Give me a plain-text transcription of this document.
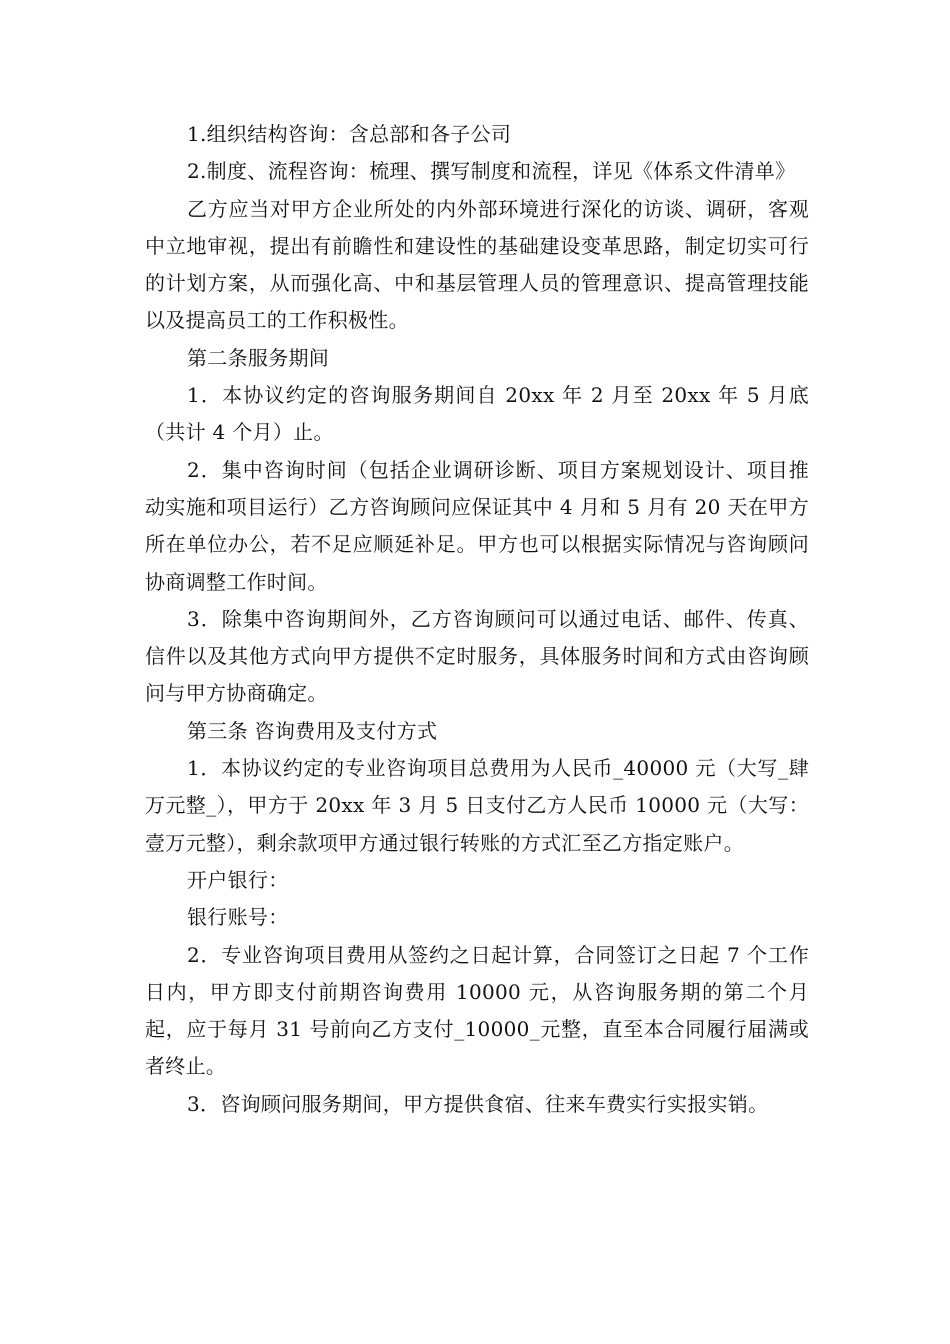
1.组织结构咨询：含总部和各子公司

2.制度、流程咨询：梳理、撰写制度和流程，详见《体系文件清单》

乙方应当对甲方企业所处的内外部环境进行深化的访谈、调研，客观中立地审视，提出有前瞻性和建设性的基础建设变革思路，制定切实可行的计划方案，从而强化高、中和基层管理人员的管理意识、提高管理技能以及提高员工的工作积极性。

第二条服务期间

1．本协议约定的咨询服务期间自 20xx 年 2 月至 20xx 年 5 月底（共计 4 个月）止。

2．集中咨询时间（包括企业调研诊断、项目方案规划设计、项目推动实施和项目运行）乙方咨询顾问应保证其中 4 月和 5 月有 20 天在甲方所在单位办公，若不足应顺延补足。甲方也可以根据实际情况与咨询顾问协商调整工作时间。

3．除集中咨询期间外，乙方咨询顾问可以通过电话、邮件、传真、信件以及其他方式向甲方提供不定时服务，具体服务时间和方式由咨询顾问与甲方协商确定。

第三条 咨询费用及支付方式

1．本协议约定的专业咨询项目总费用为人民币_40000 元（大写_肆万元整_），甲方于 20xx 年 3 月 5 日支付乙方人民币 10000 元（大写：壹万元整），剩余款项甲方通过银行转账的方式汇至乙方指定账户。

开户银行：

银行账号：

2．专业咨询项目费用从签约之日起计算，合同签订之日起 7 个工作日内，甲方即支付前期咨询费用 10000 元，从咨询服务期的第二个月起，应于每月 31 号前向乙方支付_10000_元整，直至本合同履行届满或者终止。

3．咨询顾问服务期间，甲方提供食宿、往来车费实行实报实销。
